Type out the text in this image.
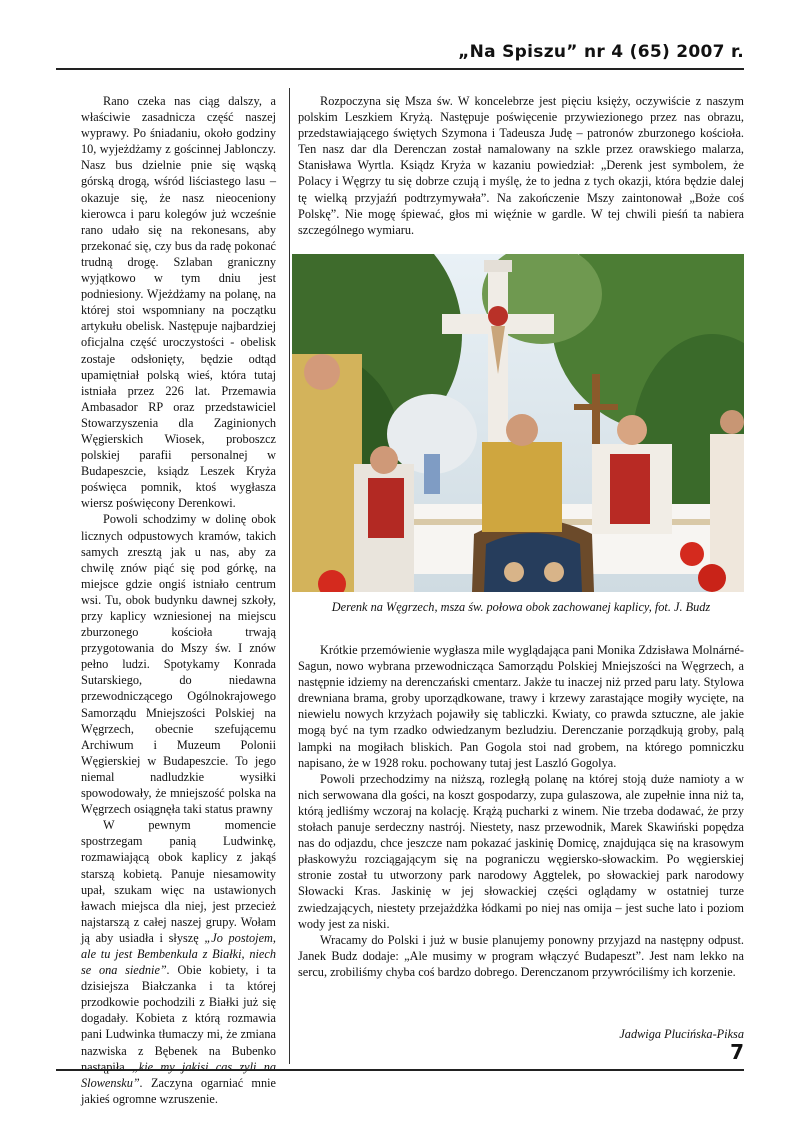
„Na Spiszu” nr 4 (65) 2007 r.

Rano czeka nas ciąg dalszy, a właściwie zasadnicza część naszej wyprawy. Po śniadaniu, około godziny 10, wyjeżdżamy z gościnnej Jablonczy. Nasz bus dzielnie pnie się wąską górską drogą, wśród liściastego lasu – okazuje się, że nasz nieoceniony kierowca i paru kolegów już wcześnie rano udało się na rekonesans, aby przekonać się, czy bus da radę pokonać trudną drogę. Szlaban graniczny wyjątkowo w tym dniu jest podniesiony. Wjeżdżamy na polanę, na której stoi wspomniany na początku artykułu obelisk. Następuje najbardziej oficjalna część uroczystości - obelisk zostaje odsłonięty, będzie odtąd upamiętniał polską wieś, która tutaj istniała przez 226 lat. Przemawia Ambasador RP oraz przedstawiciel Stowarzyszenia dla Zaginionych Węgierskich Wiosek, proboszcz polskiej parafii personalnej w Budapeszcie, ksiądz Leszek Kryża poświęca pomnik, ktoś wygłasza wiersz poświęcony Derenkowi.

Powoli schodzimy w dolinę obok licznych odpustowych kramów, takich samych zresztą jak u nas, aby za chwilę znów piąć się pod górkę, na miejsce gdzie ongiś istniało centrum wsi. Tu, obok budynku dawnej szkoły, przy kaplicy wzniesionej na miejscu zburzonego kościoła trwają przygotowania do Mszy św. I znów pełno ludzi. Spotykamy Konrada Sutarskiego, do niedawna przewodniczącego Ogólnokrajowego Samorządu Mniejszości Polskiej na Węgrzech, obecnie szefującemu Archiwum i Muzeum Polonii Węgierskiej w Budapeszcie. To jego niemal nadludzkie wysiłki spowodowały, że mniejszość polska na Węgrzech osiągnęła taki status prawny

W pewnym momencie spostrzegam panią Ludwinkę, rozmawiającą obok kaplicy z jakąś starszą kobietą. Panuje niesamowity upał, szukam więc na ustawionych ławach miejsca dla niej, jest przecież najstarszą z całej naszej grupy. Wołam ją aby usiadła i słyszę „Jo postojem, ale tu jest Bembenkula z Białki, niech se ona siednie”. Obie kobiety, i ta dzisiejsza Białczanka i ta której przodkowie pochodzili z Białki już się dogadały. Kobieta z którą rozmawia pani Ludwinka tłumaczy mi, że zmiana nazwiska z Bębenek na Bubenko nastąpiła „kie my jakisi cas zyli na Slowensku”. Zaczyna ogarniać mnie jakieś ogromne wzruszenie.

Rozpoczyna się Msza św. W koncelebrze jest pięciu księży, oczywiście z naszym polskim Leszkiem Kryżą. Następuje poświęcenie przywiezionego przez nas obrazu, przedstawiającego świętych Szymona i Tadeusza Judę – patronów zburzonego kościoła. Ten nasz dar dla Derenczan został namalowany na szkle przez orawskiego malarza, Stanisława Wyrtla. Ksiądz Kryża w kazaniu powiedział: „Derenk jest symbolem, że Polacy i Węgrzy tu się dobrze czują i myślę, że to jedna z tych okazji, która będzie dalej tę wielką przyjaźń podtrzymywała”. Na zakończenie Mszy zaintonował „Boże coś Polskę”. Nie mogę śpiewać, głos mi więźnie w gardle. W tej chwili pieśń ta nabiera szczególnego wymiaru.

Derenk na Węgrzech, msza św. połowa obok zachowanej kaplicy, fot. J. Budz

Krótkie przemówienie wygłasza mile wyglądająca pani Monika Zdzisława Molnárné- Sagun, nowo wybrana przewodnicząca Samorządu Polskiej Mniejszości na Węgrzech, a następnie idziemy na derenczański cmentarz. Jakże tu inaczej niż przed paru laty. Stylowa drewniana brama, groby uporządkowane, trawy i krzewy zarastające mogiły wycięte, na niewielu nowych krzyżach pojawiły się tabliczki. Kwiaty, co prawda sztuczne, ale jakie mogą być na tym rzadko odwiedzanym bezludziu. Derenczanie porządkują groby, palą lampki na mogiłach bliskich. Pan Gogola stoi nad grobem, na którego pomniczku napisano, że w 1928 roku. pochowany tutaj jest Laszló Gogolya.

Powoli przechodzimy na niższą, rozległą polanę na której stoją duże namioty a w nich serwowana dla gości, na koszt gospodarzy, zupa gulaszowa, ale zupełnie inna niż ta, którą jedliśmy wczoraj na kolację. Krążą pucharki z winem. Nie trzeba dodawać, że przy stołach panuje serdeczny nastrój. Niestety, nasz przewodnik, Marek Skawiński popędza nas do odjazdu, chce jeszcze nam pokazać jaskinię Domicę, znajdująca się na krasowym płaskowyżu rozciągającym się na pograniczu węgiersko-słowackim. Po węgierskiej stronie został tu utworzony park narodowy Aggtelek, po słowackiej park narodowy Słowacki Kras. Jaskinię w jej słowackiej części oglądamy w ostatniej turze zwiedzających, niestety przejażdżka łódkami po niej nas omija – jest suche lato i poziom wody jest za niski.

Wracamy do Polski i już w busie planujemy ponowny przyjazd na następny odpust. Janek Budz dodaje: „Ale musimy w program włączyć Budapeszt”. Jest nam lekko na sercu, zrobiliśmy chyba coś bardzo dobrego. Derenczanom przywróciliśmy ich korzenie.

Jadwiga Plucińska-Piksa
7
